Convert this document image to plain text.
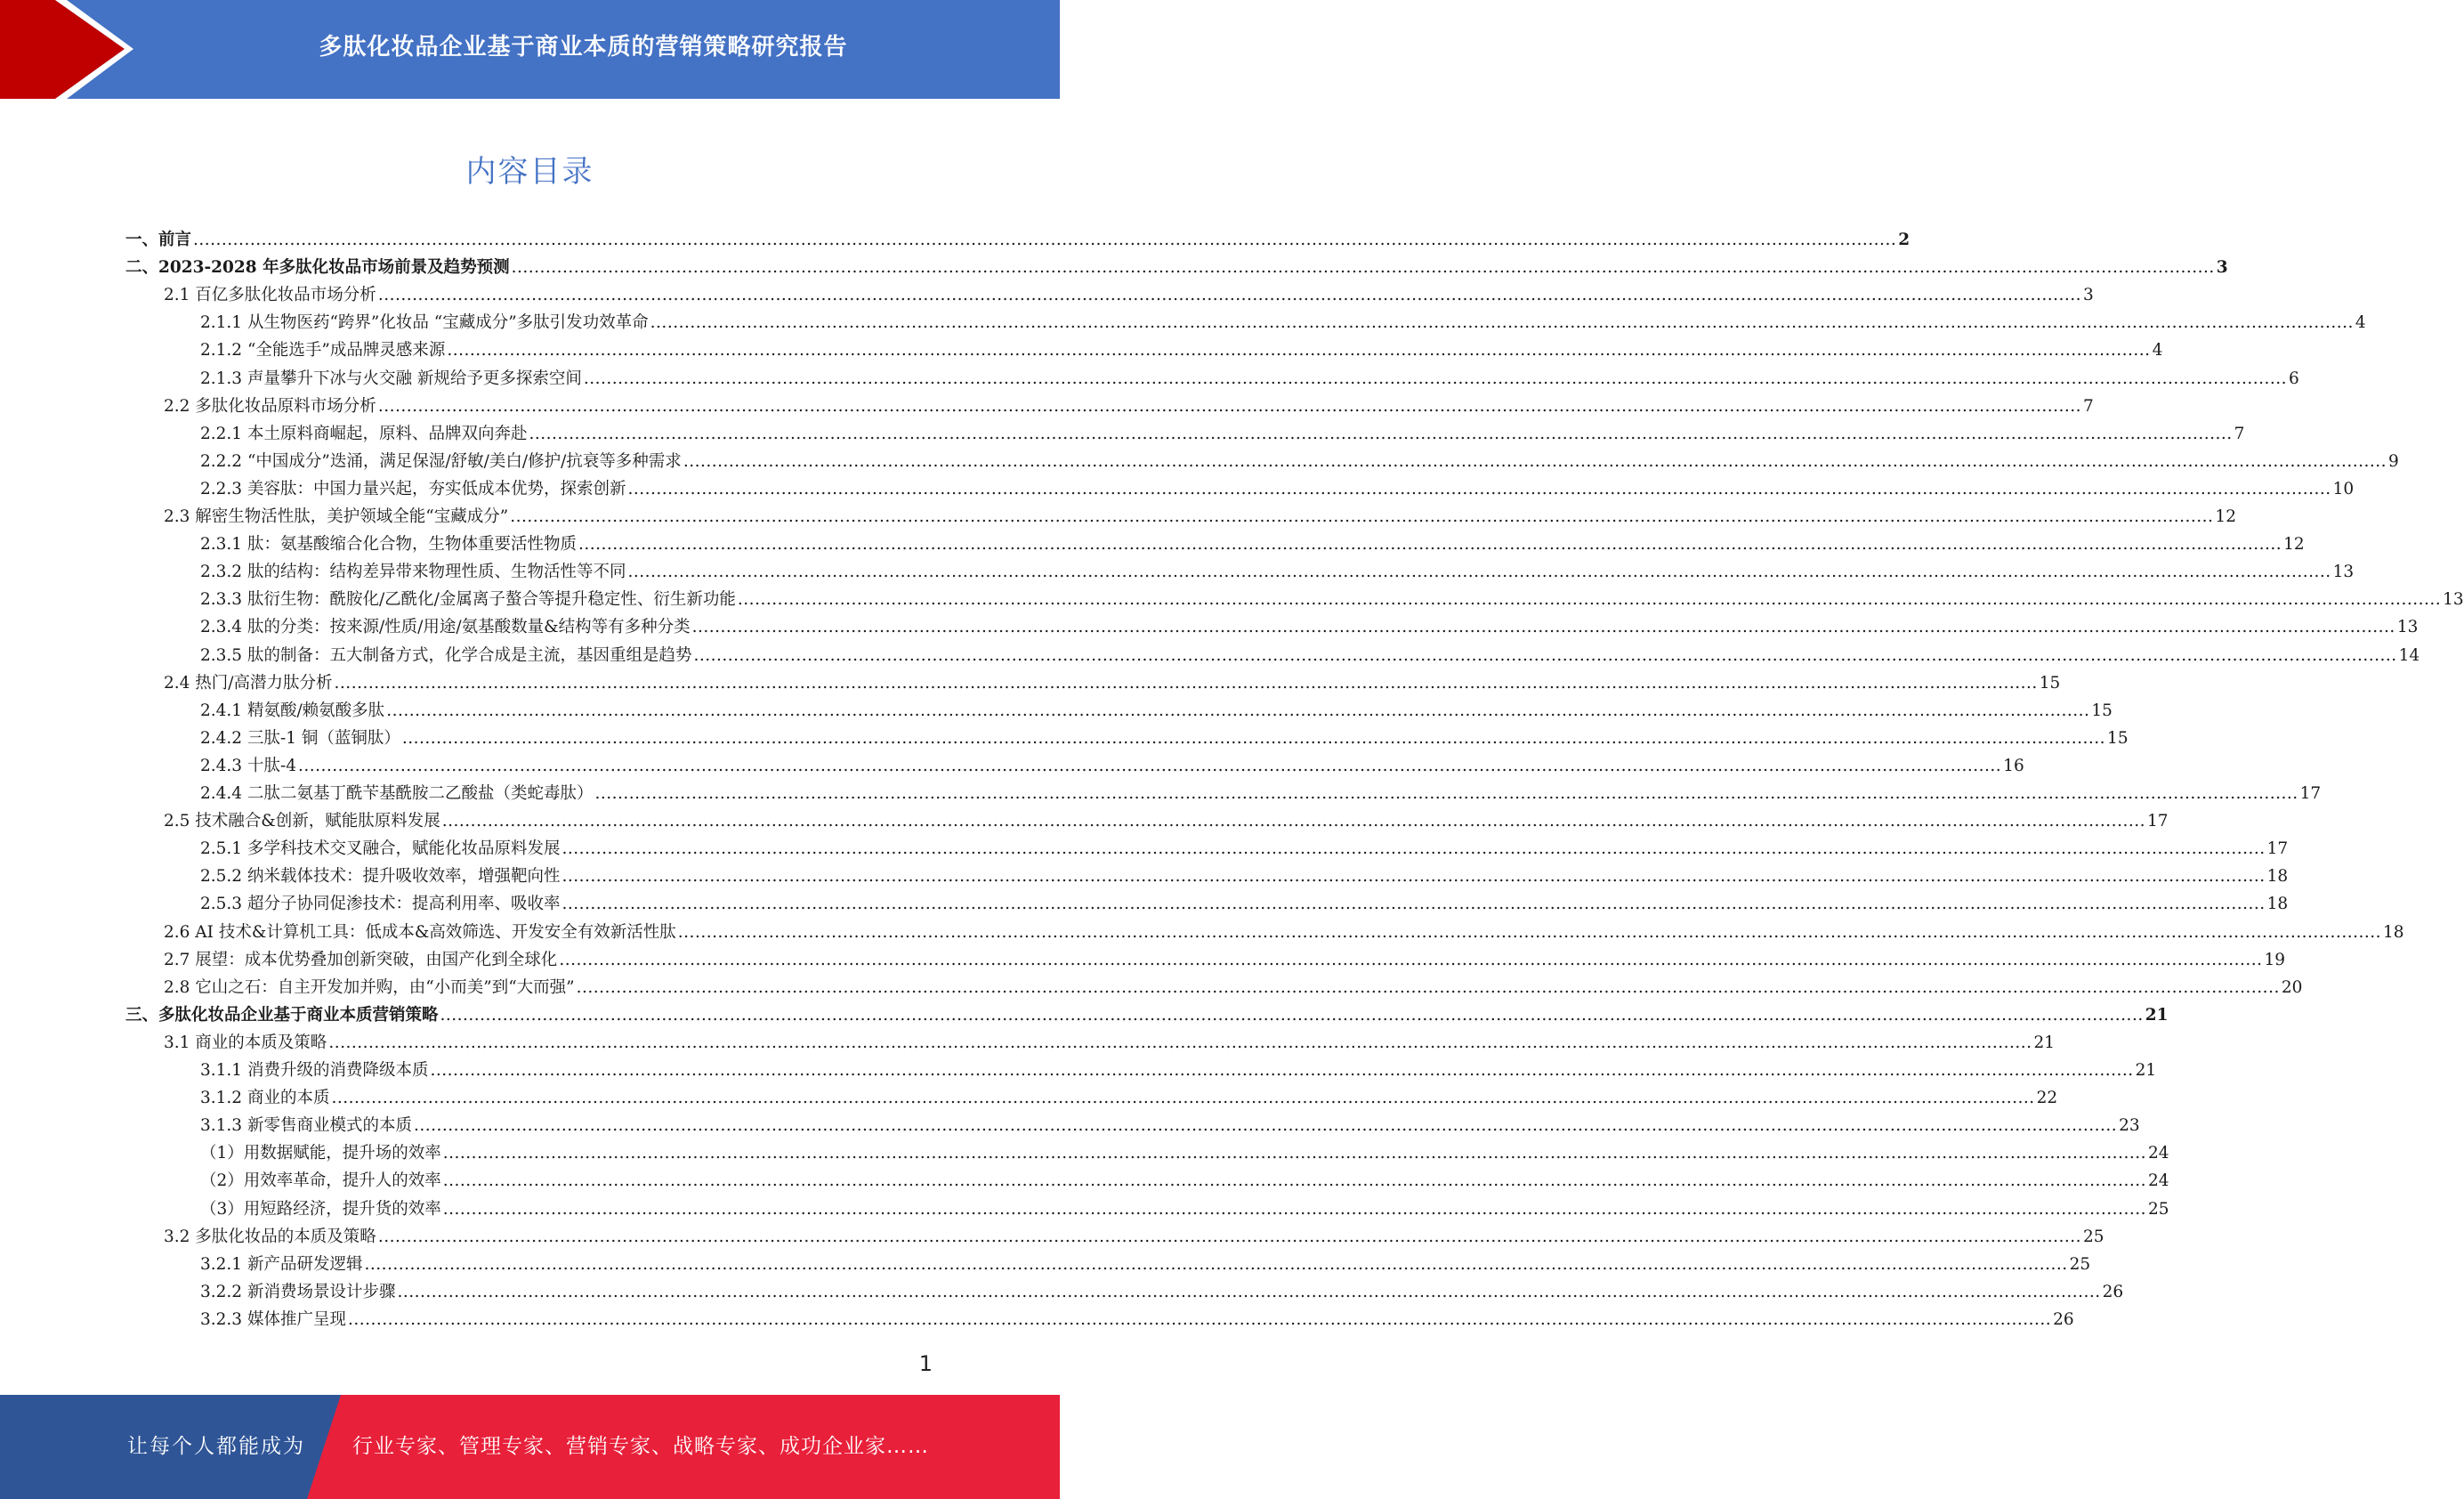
多肽化妆品企业基于商业本质的营销策略研究报告
内容目录
一、前言 ............................................................................................................................................................................................................................................................................................................ 2
二、2023-2028 年多肽化妆品市场前景及趋势预测 ............................................................................................................................................................................................................................................................................................................ 3
2.1 百亿多肽化妆品市场分析 ............................................................................................................................................................................................................................................................................................................ 3
2.1.1 从生物医药“跨界”化妆品 “宝藏成分”多肽引发功效革命 ............................................................................................................................................................................................................................................................................................................ 4
2.1.2 “全能选手”成品牌灵感来源 ............................................................................................................................................................................................................................................................................................................ 4
2.1.3 声量攀升下冰与火交融 新规给予更多探索空间 ............................................................................................................................................................................................................................................................................................................ 6
2.2 多肽化妆品原料市场分析 ............................................................................................................................................................................................................................................................................................................ 7
2.2.1 本土原料商崛起，原料、品牌双向奔赴 ............................................................................................................................................................................................................................................................................................................ 7
2.2.2 “中国成分”迭涌，满足保湿/舒敏/美白/修护/抗衰等多种需求 ............................................................................................................................................................................................................................................................................................................ 9
2.2.3 美容肽：中国力量兴起，夯实低成本优势，探索创新 ............................................................................................................................................................................................................................................................................................................ 10
2.3 解密生物活性肽，美护领域全能“宝藏成分” ............................................................................................................................................................................................................................................................................................................ 12
2.3.1 肽：氨基酸缩合化合物，生物体重要活性物质 ............................................................................................................................................................................................................................................................................................................ 12
2.3.2 肽的结构：结构差异带来物理性质、生物活性等不同 ............................................................................................................................................................................................................................................................................................................ 13
2.3.3 肽衍生物：酰胺化/乙酰化/金属离子螯合等提升稳定性、衍生新功能 ............................................................................................................................................................................................................................................................................................................ 13
2.3.4 肽的分类：按来源/性质/用途/氨基酸数量&结构等有多种分类 ............................................................................................................................................................................................................................................................................................................ 13
2.3.5 肽的制备：五大制备方式，化学合成是主流，基因重组是趋势 ............................................................................................................................................................................................................................................................................................................ 14
2.4 热门/高潜力肽分析 ............................................................................................................................................................................................................................................................................................................ 15
2.4.1 精氨酸/赖氨酸多肽 ............................................................................................................................................................................................................................................................................................................ 15
2.4.2 三肽-1 铜（蓝铜肽） ............................................................................................................................................................................................................................................................................................................ 15
2.4.3 十肽-4 ............................................................................................................................................................................................................................................................................................................ 16
2.4.4 二肽二氨基丁酰苄基酰胺二乙酸盐（类蛇毒肽） ............................................................................................................................................................................................................................................................................................................ 17
2.5 技术融合&创新，赋能肽原料发展 ............................................................................................................................................................................................................................................................................................................ 17
2.5.1 多学科技术交叉融合，赋能化妆品原料发展 ............................................................................................................................................................................................................................................................................................................ 17
2.5.2 纳米载体技术：提升吸收效率，增强靶向性 ............................................................................................................................................................................................................................................................................................................ 18
2.5.3 超分子协同促渗技术：提高利用率、吸收率 ............................................................................................................................................................................................................................................................................................................ 18
2.6 AI 技术&计算机工具：低成本&高效筛选、开发安全有效新活性肽 ............................................................................................................................................................................................................................................................................................................ 18
2.7 展望：成本优势叠加创新突破，由国产化到全球化 ............................................................................................................................................................................................................................................................................................................ 19
2.8 它山之石：自主开发加并购，由“小而美”到“大而强” ............................................................................................................................................................................................................................................................................................................ 20
三、多肽化妆品企业基于商业本质营销策略 ............................................................................................................................................................................................................................................................................................................ 21
3.1 商业的本质及策略 ............................................................................................................................................................................................................................................................................................................ 21
3.1.1 消费升级的消费降级本质 ............................................................................................................................................................................................................................................................................................................ 21
3.1.2 商业的本质 ............................................................................................................................................................................................................................................................................................................ 22
3.1.3 新零售商业模式的本质 ............................................................................................................................................................................................................................................................................................................ 23
（1）用数据赋能，提升场的效率 ............................................................................................................................................................................................................................................................................................................ 24
（2）用效率革命，提升人的效率 ............................................................................................................................................................................................................................................................................................................ 24
（3）用短路经济，提升货的效率 ............................................................................................................................................................................................................................................................................................................ 25
3.2 多肽化妆品的本质及策略 ............................................................................................................................................................................................................................................................................................................ 25
3.2.1 新产品研发逻辑 ............................................................................................................................................................................................................................................................................................................ 25
3.2.2 新消费场景设计步骤 ............................................................................................................................................................................................................................................................................................................ 26
3.2.3 媒体推广呈现 ............................................................................................................................................................................................................................................................................................................ 26
1
让每个人都能成为 行业专家、管理专家、营销专家、战略专家、成功企业家……
